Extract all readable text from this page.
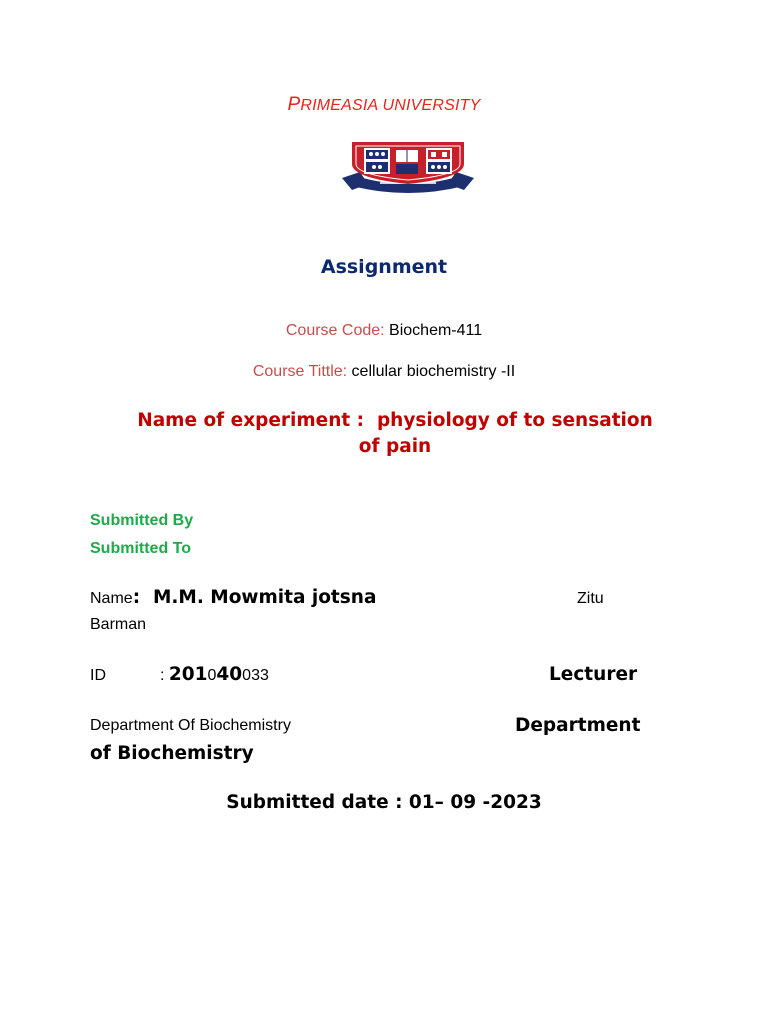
PRIMEASIA UNIVERSITY
Assignment
Course Code: Biochem-411
Course Tittle: cellular biochemistry -II
Name of experiment :  physiology of to sensation
of pain
Submitted By
Submitted To
Name:  M.M. Mowmita jotsna	Zitu
Barman
ID	: 201040033	Lecturer
Department Of Biochemistry	Department
of Biochemistry
Submitted date : 01– 09 -2023
